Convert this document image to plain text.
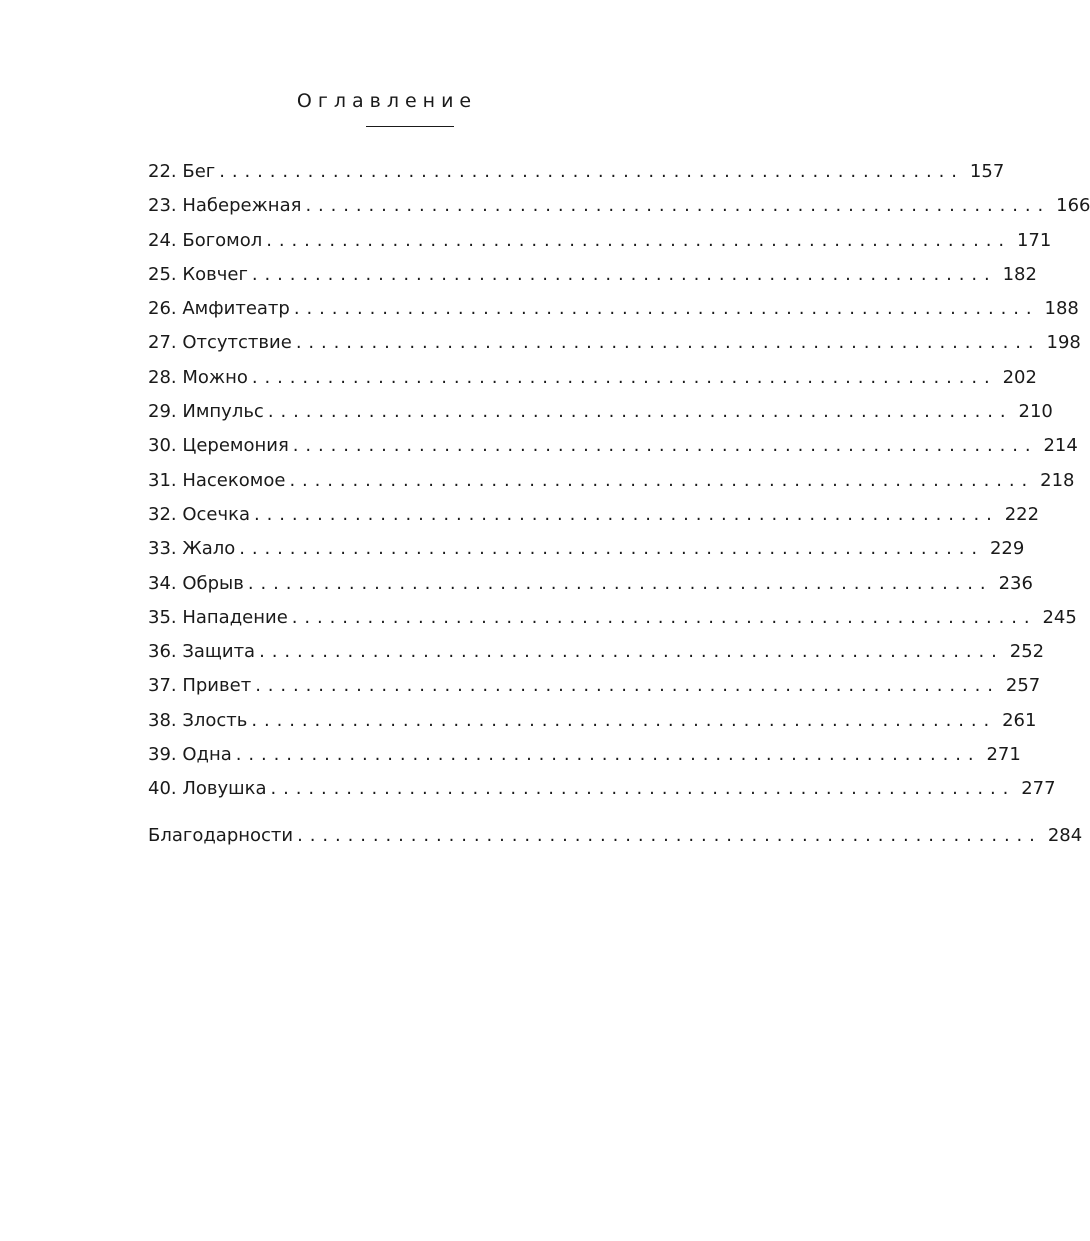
Оглавление
22. Бег ........................................................... 157
23. Набережная ........................................................... 166
24. Богомол ........................................................... 171
25. Ковчег ........................................................... 182
26. Амфитеатр ........................................................... 188
27. Отсутствие ........................................................... 198
28. Можно ........................................................... 202
29. Импульс ........................................................... 210
30. Церемония ........................................................... 214
31. Насекомое ........................................................... 218
32. Осечка ........................................................... 222
33. Жало ........................................................... 229
34. Обрыв ........................................................... 236
35. Нападение ........................................................... 245
36. Защита ........................................................... 252
37. Привет ........................................................... 257
38. Злость ........................................................... 261
39. Одна ........................................................... 271
40. Ловушка ........................................................... 277
Благодарности ........................................................... 284
